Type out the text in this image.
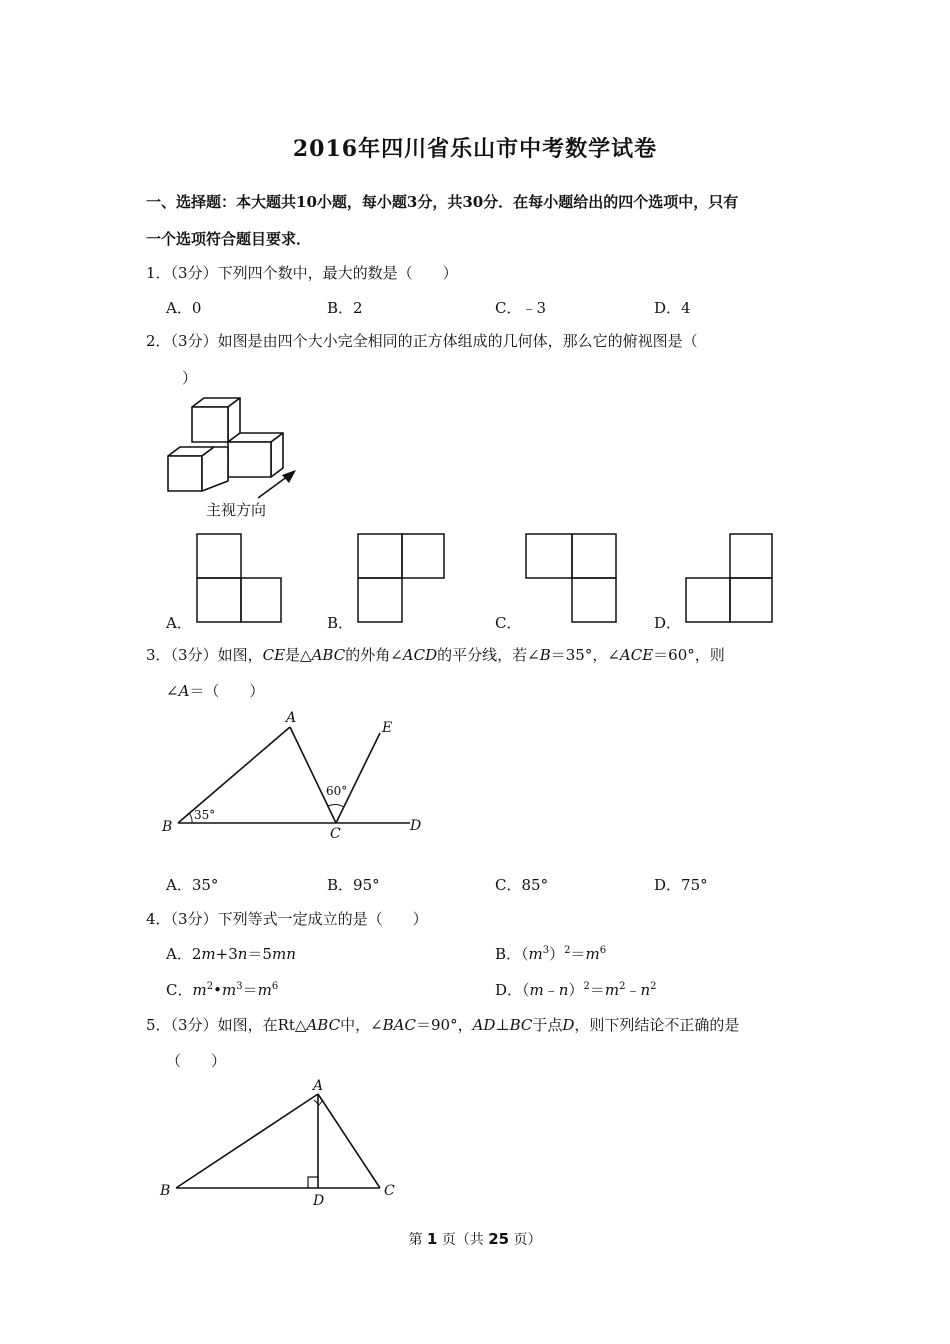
2016年四川省乐山市中考数学试卷
一、选择题：本大题共10小题，每小题3分，共30分．在每小题给出的四个选项中，只有
一个选项符合题目要求．
1．（3分）下列四个数中，最大的数是（　　）
A．0	B．2	C．﹣3	D．4
2．（3分）如图是由四个大小完全相同的正方体组成的几何体，那么它的俯视图是（
）
主视方向
A．	B．	C．	D．
3．（3分）如图，CE是△ABC的外角∠ACD的平分线，若∠B＝35°，∠ACE＝60°，则
∠A＝（　　）
A
B	C	D
E
35°
60°
A．35°	B．95°	C．85°	D．75°
4．（3分）下列等式一定成立的是（　　）
A．2m+3n＝5mn	B．$(m^3)^2=m^6$
C．$m^2•m^3=m^6$	D．$(m﹣n)^2=m^2﹣n^2$
5．（3分）如图，在Rt△ABC中，∠BAC＝90°，AD⊥BC于点D，则下列结论不正确的是
（　　）
A
B	C
D
第 1 页（共 25 页）
